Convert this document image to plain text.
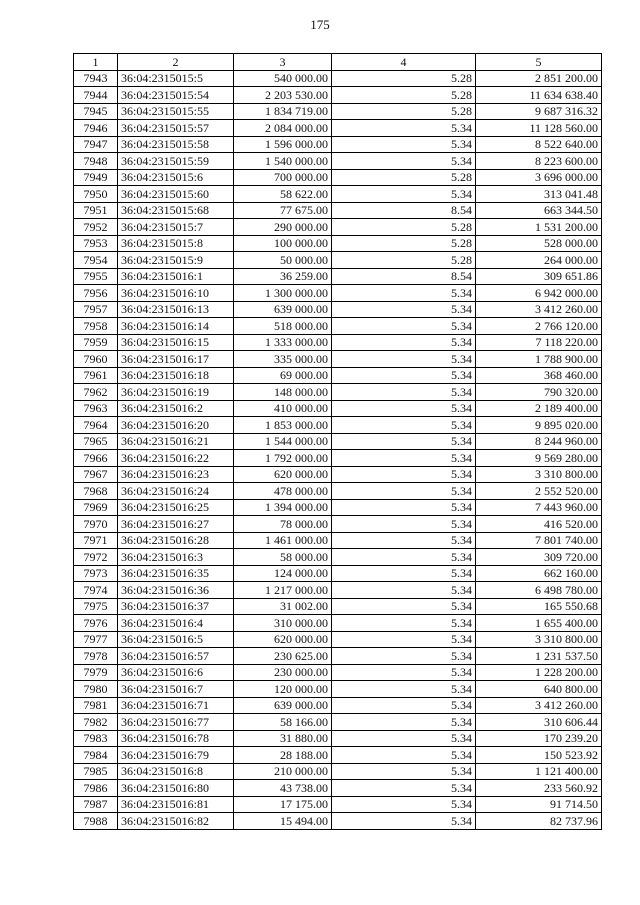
175
1	2	3	4	5
7943	36:04:2315015:5	540 000.00	5.28	2 851 200.00
7944	36:04:2315015:54	2 203 530.00	5.28	11 634 638.40
7945	36:04:2315015:55	1 834 719.00	5.28	9 687 316.32
7946	36:04:2315015:57	2 084 000.00	5.34	11 128 560.00
7947	36:04:2315015:58	1 596 000.00	5.34	8 522 640.00
7948	36:04:2315015:59	1 540 000.00	5.34	8 223 600.00
7949	36:04:2315015:6	700 000.00	5.28	3 696 000.00
7950	36:04:2315015:60	58 622.00	5.34	313 041.48
7951	36:04:2315015:68	77 675.00	8.54	663 344.50
7952	36:04:2315015:7	290 000.00	5.28	1 531 200.00
7953	36:04:2315015:8	100 000.00	5.28	528 000.00
7954	36:04:2315015:9	50 000.00	5.28	264 000.00
7955	36:04:2315016:1	36 259.00	8.54	309 651.86
7956	36:04:2315016:10	1 300 000.00	5.34	6 942 000.00
7957	36:04:2315016:13	639 000.00	5.34	3 412 260.00
7958	36:04:2315016:14	518 000.00	5.34	2 766 120.00
7959	36:04:2315016:15	1 333 000.00	5.34	7 118 220.00
7960	36:04:2315016:17	335 000.00	5.34	1 788 900.00
7961	36:04:2315016:18	69 000.00	5.34	368 460.00
7962	36:04:2315016:19	148 000.00	5.34	790 320.00
7963	36:04:2315016:2	410 000.00	5.34	2 189 400.00
7964	36:04:2315016:20	1 853 000.00	5.34	9 895 020.00
7965	36:04:2315016:21	1 544 000.00	5.34	8 244 960.00
7966	36:04:2315016:22	1 792 000.00	5.34	9 569 280.00
7967	36:04:2315016:23	620 000.00	5.34	3 310 800.00
7968	36:04:2315016:24	478 000.00	5.34	2 552 520.00
7969	36:04:2315016:25	1 394 000.00	5.34	7 443 960.00
7970	36:04:2315016:27	78 000.00	5.34	416 520.00
7971	36:04:2315016:28	1 461 000.00	5.34	7 801 740.00
7972	36:04:2315016:3	58 000.00	5.34	309 720.00
7973	36:04:2315016:35	124 000.00	5.34	662 160.00
7974	36:04:2315016:36	1 217 000.00	5.34	6 498 780.00
7975	36:04:2315016:37	31 002.00	5.34	165 550.68
7976	36:04:2315016:4	310 000.00	5.34	1 655 400.00
7977	36:04:2315016:5	620 000.00	5.34	3 310 800.00
7978	36:04:2315016:57	230 625.00	5.34	1 231 537.50
7979	36:04:2315016:6	230 000.00	5.34	1 228 200.00
7980	36:04:2315016:7	120 000.00	5.34	640 800.00
7981	36:04:2315016:71	639 000.00	5.34	3 412 260.00
7982	36:04:2315016:77	58 166.00	5.34	310 606.44
7983	36:04:2315016:78	31 880.00	5.34	170 239.20
7984	36:04:2315016:79	28 188.00	5.34	150 523.92
7985	36:04:2315016:8	210 000.00	5.34	1 121 400.00
7986	36:04:2315016:80	43 738.00	5.34	233 560.92
7987	36:04:2315016:81	17 175.00	5.34	91 714.50
7988	36:04:2315016:82	15 494.00	5.34	82 737.96
